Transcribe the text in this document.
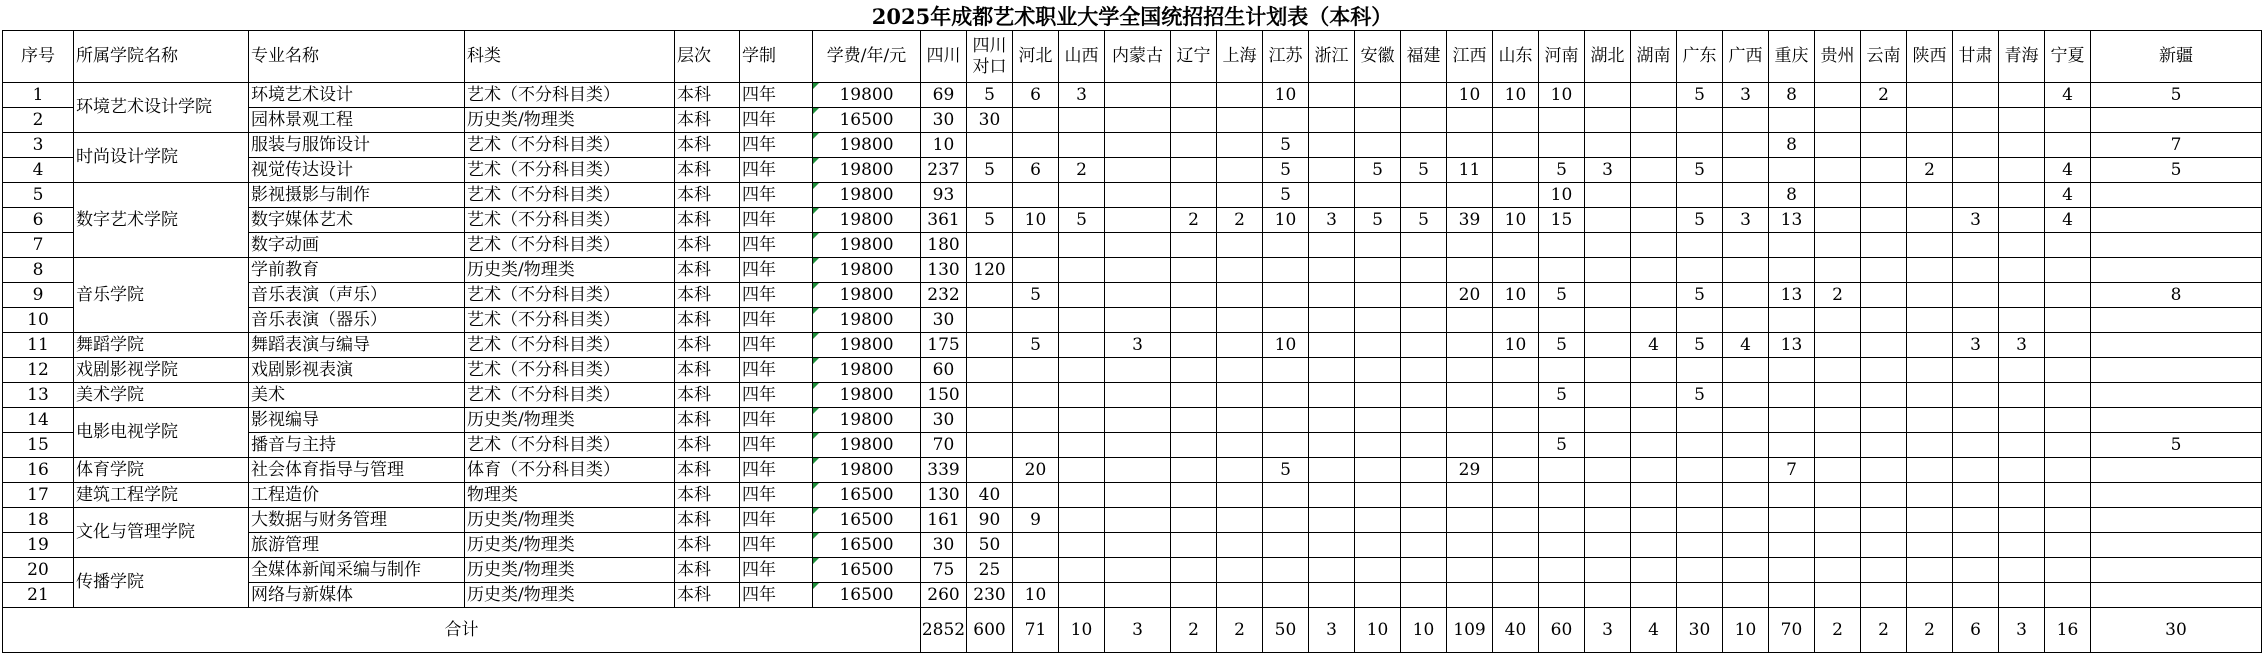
2025年成都艺术职业大学全国统招招生计划表（本科）
序号	所属学院名称	专业名称	科类	层次	学制	学费/年/元	四川	四川对口	河北	山西	内蒙古	辽宁	上海	江苏	浙江	安徽	福建	江西	山东	河南	湖北	湖南	广东	广西	重庆	贵州	云南	陕西	甘肃	青海	宁夏	新疆
1	环境艺术设计学院	环境艺术设计	艺术（不分科目类）	本科	四年	19800	69	5	6	3				10				10	10	10			5	3	8		2				4	5
2		园林景观工程	历史类/物理类	本科	四年	16500	30	30																								
3	时尚设计学院	服装与服饰设计	艺术（不分科目类）	本科	四年	19800	10							5											8							7
4		视觉传达设计	艺术（不分科目类）	本科	四年	19800	237	5	6	2				5		5	5	11		5	3		5					2			4	5
5	数字艺术学院	影视摄影与制作	艺术（不分科目类）	本科	四年	19800	93							5						10					8						4	
6		数字媒体艺术	艺术（不分科目类）	本科	四年	19800	361	5	10	5		2	2	10	3	5	5	39	10	15			5	3	13				3		4	
7		数字动画	艺术（不分科目类）	本科	四年	19800	180																									
8	音乐学院	学前教育	历史类/物理类	本科	四年	19800	130	120																								
9		音乐表演（声乐）	艺术（不分科目类）	本科	四年	19800	232		5									20	10	5			5		13	2						8
10		音乐表演（器乐）	艺术（不分科目类）	本科	四年	19800	30																									
11	舞蹈学院	舞蹈表演与编导	艺术（不分科目类）	本科	四年	19800	175		5		3			10					10	5		4	5	4	13				3	3		
12	戏剧影视学院	戏剧影视表演	艺术（不分科目类）	本科	四年	19800	60																									
13	美术学院	美术	艺术（不分科目类）	本科	四年	19800	150													5			5									
14	电影电视学院	影视编导	历史类/物理类	本科	四年	19800	30																									
15		播音与主持	艺术（不分科目类）	本科	四年	19800	70													5												5
16	体育学院	社会体育指导与管理	体育（不分科目类）	本科	四年	19800	339		20					5				29							7							
17	建筑工程学院	工程造价	物理类	本科	四年	16500	130	40																								
18	文化与管理学院	大数据与财务管理	历史类/物理类	本科	四年	16500	161	90	9																							
19		旅游管理	历史类/物理类	本科	四年	16500	30	50																								
20	传播学院	全媒体新闻采编与制作	历史类/物理类	本科	四年	16500	75	25																								
21		网络与新媒体	历史类/物理类	本科	四年	16500	260	230	10																							
合计							2852	600	71	10	3	2	2	50	3	10	10	109	40	60	3	4	30	10	70	2	2	2	6	3	16	30
